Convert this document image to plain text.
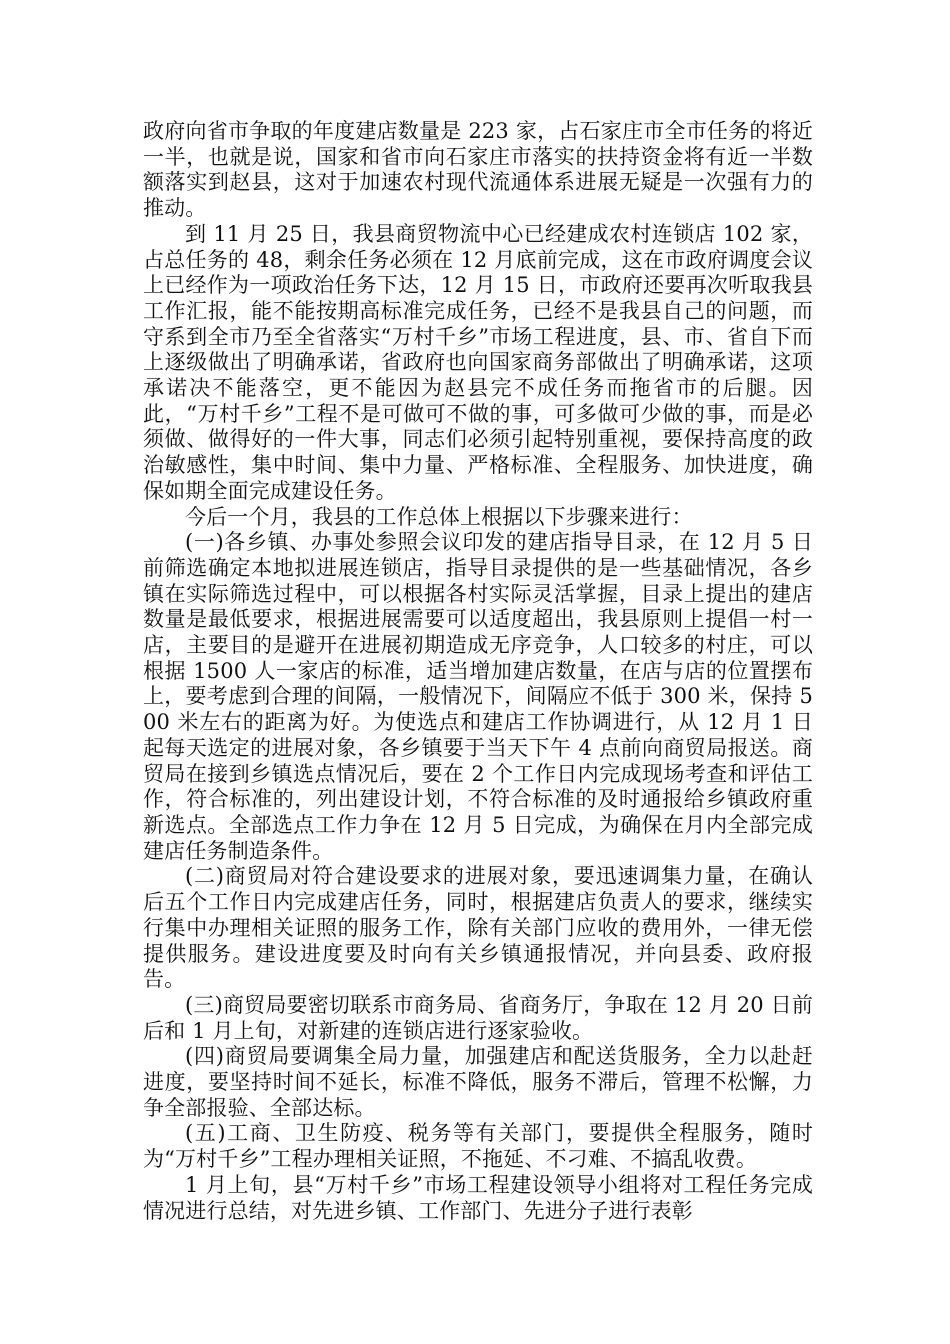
政府向省市争取的年度建店数量是 223 家，占石家庄市全市任务的将近一半，也就是说，国家和省市向石家庄市落实的扶持资金将有近一半数额落实到赵县，这对于加速农村现代流通体系进展无疑是一次强有力的推动。

到 11 月 25 日，我县商贸物流中心已经建成农村连锁店 102 家，占总任务的 48，剩余任务必须在 12 月底前完成，这在市政府调度会议上已经作为一项政治任务下达，12 月 15 日，市政府还要再次听取我县工作汇报，能不能按期高标准完成任务，已经不是我县自己的问题，而守系到全市乃至全省落实“万村千乡”市场工程进度，县、市、省自下而上逐级做出了明确承诺，省政府也向国家商务部做出了明确承诺，这项承诺决不能落空，更不能因为赵县完不成任务而拖省市的后腿。因此，“万村千乡”工程不是可做可不做的事，可多做可少做的事，而是必须做、做得好的一件大事，同志们必须引起特别重视，要保持高度的政治敏感性，集中时间、集中力量、严格标准、全程服务、加快进度，确保如期全面完成建设任务。

今后一个月，我县的工作总体上根据以下步骤来进行：

(一)各乡镇、办事处参照会议印发的建店指导目录，在 12 月 5 日前筛选确定本地拟进展连锁店，指导目录提供的是一些基础情况，各乡镇在实际筛选过程中，可以根据各村实际灵活掌握，目录上提出的建店数量是最低要求，根据进展需要可以适度超出，我县原则上提倡一村一店，主要目的是避开在进展初期造成无序竞争，人口较多的村庄，可以根据 1500 人一家店的标准，适当增加建店数量，在店与店的位置摆布上，要考虑到合理的间隔，一般情况下，间隔应不低于 300 米，保持 500 米左右的距离为好。为使选点和建店工作协调进行，从 12 月 1 日起每天选定的进展对象，各乡镇要于当天下午 4 点前向商贸局报送。商贸局在接到乡镇选点情况后，要在 2 个工作日内完成现场考查和评估工作，符合标准的，列出建设计划，不符合标准的及时通报给乡镇政府重新选点。全部选点工作力争在 12 月 5 日完成，为确保在月内全部完成建店任务制造条件。

(二)商贸局对符合建设要求的进展对象，要迅速调集力量，在确认后五个工作日内完成建店任务，同时，根据建店负责人的要求，继续实行集中办理相关证照的服务工作，除有关部门应收的费用外，一律无偿提供服务。建设进度要及时向有关乡镇通报情况，并向县委、政府报告。

(三)商贸局要密切联系市商务局、省商务厅，争取在 12 月 20 日前后和 1 月上旬，对新建的连锁店进行逐家验收。

(四)商贸局要调集全局力量，加强建店和配送货服务，全力以赴赶进度，要坚持时间不延长，标准不降低，服务不滞后，管理不松懈，力争全部报验、全部达标。

(五)工商、卫生防疫、税务等有关部门，要提供全程服务，随时为“万村千乡”工程办理相关证照，不拖延、不刁难、不搞乱收费。

1 月上旬，县“万村千乡”市场工程建设领导小组将对工程任务完成情况进行总结，对先进乡镇、工作部门、先进分子进行表彰
